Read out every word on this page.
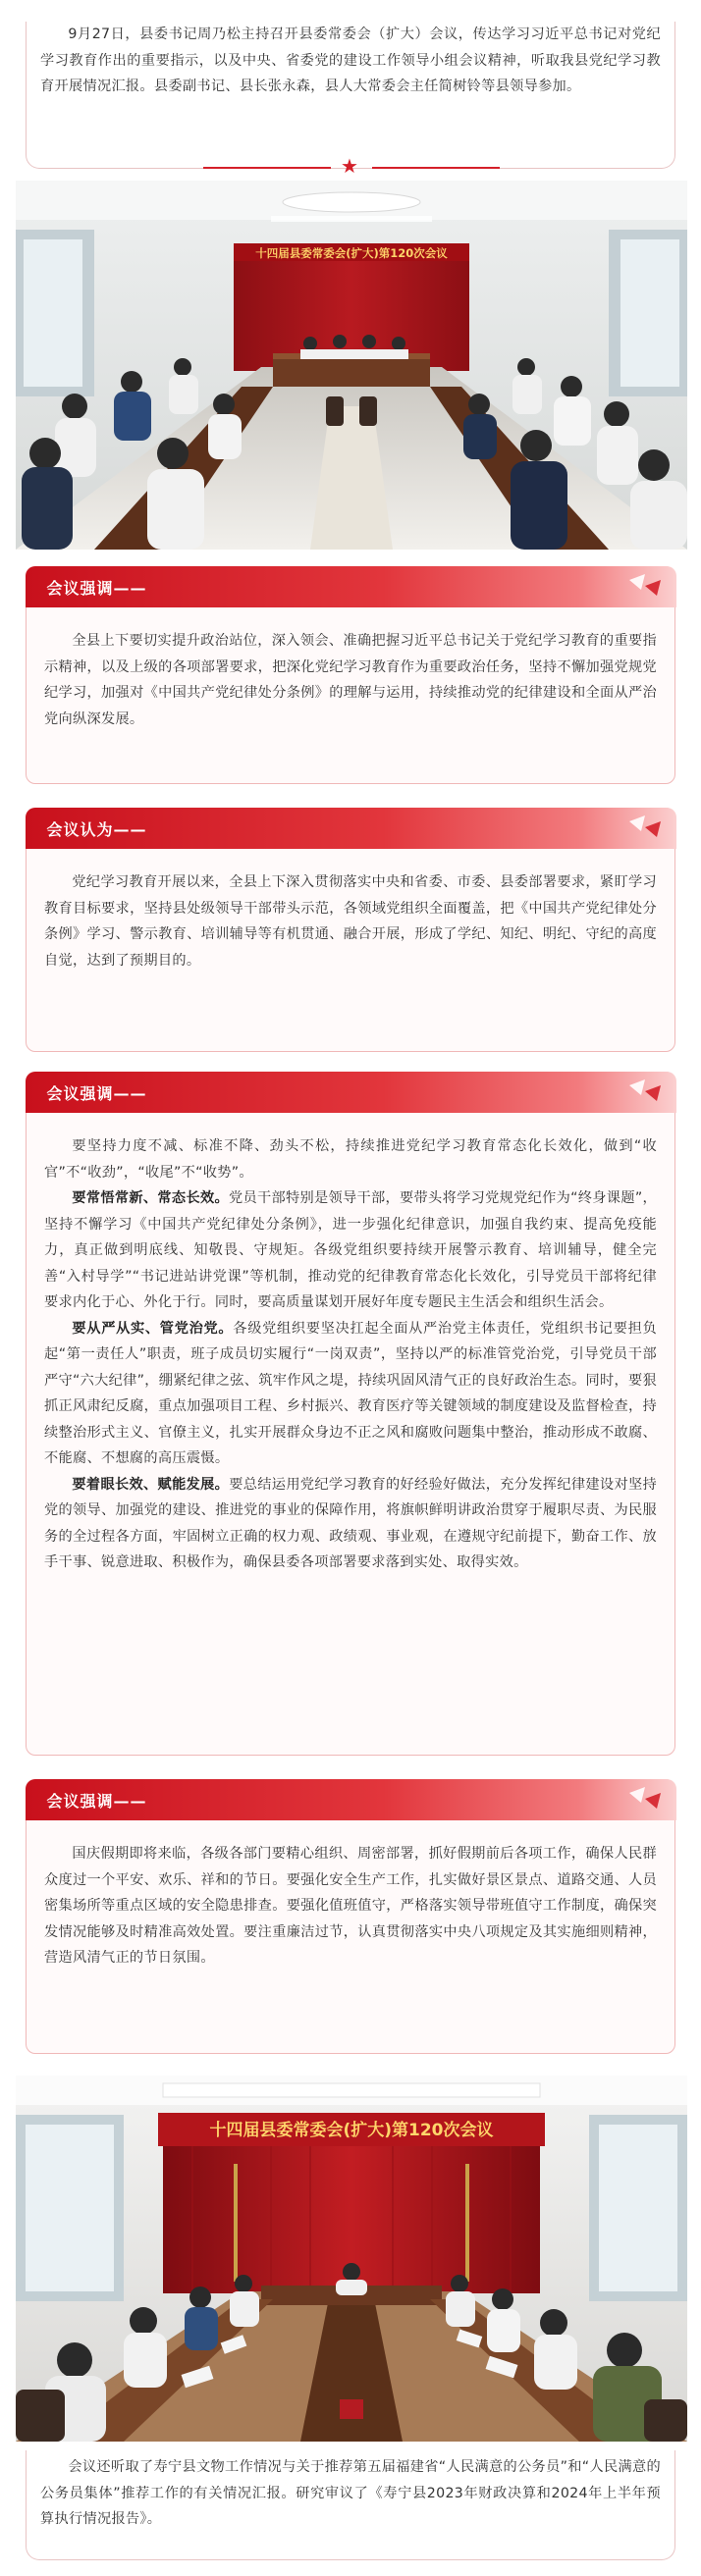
9月27日，县委书记周乃松主持召开县委常委会（扩大）会议，传达学习习近平总书记对党纪学习教育作出的重要指示，以及中央、省委党的建设工作领导小组会议精神，听取我县党纪学习教育开展情况汇报。县委副书记、县长张永森，县人大常委会主任简树铃等县领导参加。

★
十四届县委常委会(扩大)第120次会议
会议强调——

全县上下要切实提升政治站位，深入领会、准确把握习近平总书记关于党纪学习教育的重要指示精神，以及上级的各项部署要求，把深化党纪学习教育作为重要政治任务，坚持不懈加强党规党纪学习，加强对《中国共产党纪律处分条例》的理解与运用，持续推动党的纪律建设和全面从严治党向纵深发展。

会议认为——

党纪学习教育开展以来，全县上下深入贯彻落实中央和省委、市委、县委部署要求，紧盯学习教育目标要求，坚持县处级领导干部带头示范，各领域党组织全面覆盖，把《中国共产党纪律处分条例》学习、警示教育、培训辅导等有机贯通、融合开展，形成了学纪、知纪、明纪、守纪的高度自觉，达到了预期目的。

会议强调——

要坚持力度不减、标准不降、劲头不松，持续推进党纪学习教育常态化长效化，做到“收官”不“收劲”，“收尾”不“收势”。

要常悟常新、常态长效。党员干部特别是领导干部，要带头将学习党规党纪作为“终身课题”，坚持不懈学习《中国共产党纪律处分条例》，进一步强化纪律意识，加强自我约束、提高免疫能力，真正做到明底线、知敬畏、守规矩。各级党组织要持续开展警示教育、培训辅导，健全完善“入村导学”“书记进站讲党课”等机制，推动党的纪律教育常态化长效化，引导党员干部将纪律要求内化于心、外化于行。同时，要高质量谋划开展好年度专题民主生活会和组织生活会。

要从严从实、管党治党。各级党组织要坚决扛起全面从严治党主体责任，党组织书记要担负起“第一责任人”职责，班子成员切实履行“一岗双责”，坚持以严的标准管党治党，引导党员干部严守“六大纪律”，绷紧纪律之弦、筑牢作风之堤，持续巩固风清气正的良好政治生态。同时，要狠抓正风肃纪反腐，重点加强项目工程、乡村振兴、教育医疗等关键领域的制度建设及监督检查，持续整治形式主义、官僚主义，扎实开展群众身边不正之风和腐败问题集中整治，推动形成不敢腐、不能腐、不想腐的高压震慑。

要着眼长效、赋能发展。要总结运用党纪学习教育的好经验好做法，充分发挥纪律建设对坚持党的领导、加强党的建设、推进党的事业的保障作用，将旗帜鲜明讲政治贯穿于履职尽责、为民服务的全过程各方面，牢固树立正确的权力观、政绩观、事业观，在遵规守纪前提下，勤奋工作、放手干事、锐意进取、积极作为，确保县委各项部署要求落到实处、取得实效。

会议强调——

国庆假期即将来临，各级各部门要精心组织、周密部署，抓好假期前后各项工作，确保人民群众度过一个平安、欢乐、祥和的节日。要强化安全生产工作，扎实做好景区景点、道路交通、人员密集场所等重点区域的安全隐患排查。要强化值班值守，严格落实领导带班值守工作制度，确保突发情况能够及时精准高效处置。要注重廉洁过节，认真贯彻落实中央八项规定及其实施细则精神，营造风清气正的节日氛围。

十四届县委常委会(扩大)第120次会议

会议还听取了寿宁县文物工作情况与关于推荐第五届福建省“人民满意的公务员”和“人民满意的公务员集体”推荐工作的有关情况汇报。研究审议了《寿宁县2023年财政决算和2024年上半年预算执行情况报告》。
